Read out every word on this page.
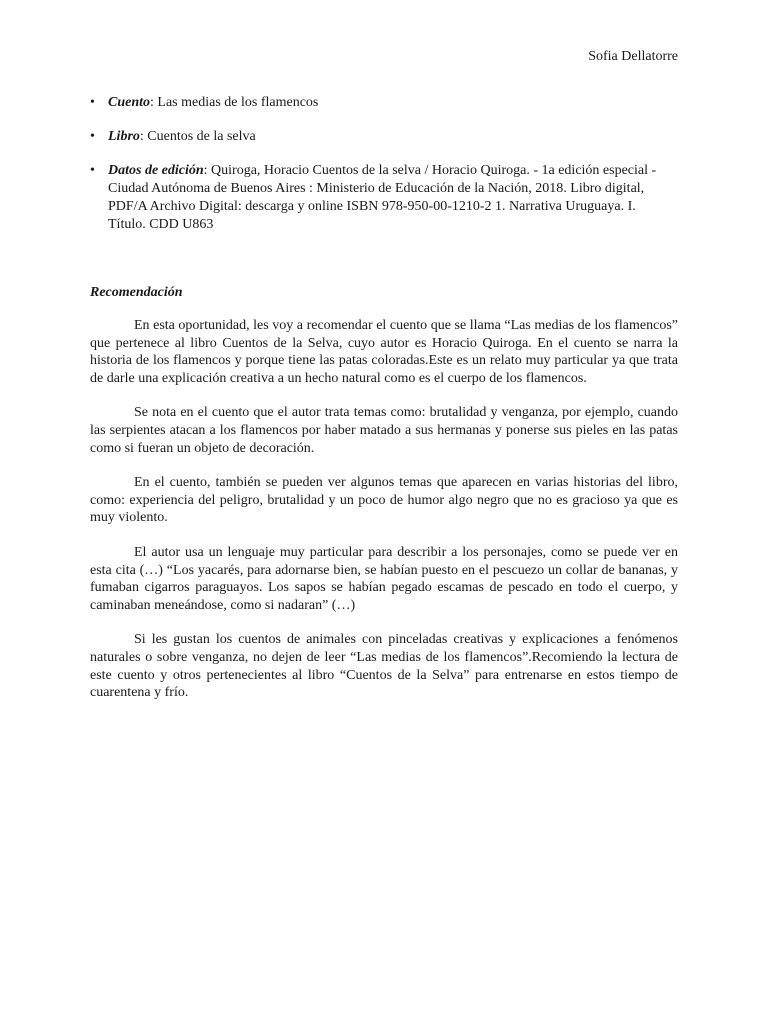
Sofia Dellatorre
• Cuento: Las medias de los flamencos
• Libro: Cuentos de la selva
• Datos de edición: Quiroga, Horacio Cuentos de la selva / Horacio Quiroga. - 1a edición especial - Ciudad Autónoma de Buenos Aires : Ministerio de Educación de la Nación, 2018. Libro digital, PDF/A Archivo Digital: descarga y online ISBN 978-950-00-1210-2 1. Narrativa Uruguaya. I. Título. CDD U863
Recomendación

En esta oportunidad, les voy a recomendar el cuento que se llama “Las medias de los flamencos” que pertenece al libro Cuentos de la Selva, cuyo autor es Horacio Quiroga. En el cuento se narra la historia de los flamencos y porque tiene las patas coloradas.Este es un relato muy particular ya que trata de darle una explicación creativa a un hecho natural como es el cuerpo de los flamencos.

Se nota en el cuento que el autor trata temas como: brutalidad y venganza, por ejemplo, cuando las serpientes atacan a los flamencos por haber matado a sus hermanas y ponerse sus pieles en las patas como si fueran un objeto de decoración.

En el cuento, también se pueden ver algunos temas que aparecen en varias historias del libro, como: experiencia del peligro, brutalidad y un poco de humor algo negro que no es gracioso ya que es muy violento.

El autor usa un lenguaje muy particular para describir a los personajes, como se puede ver en esta cita (…) “Los yacarés, para adornarse bien, se habían puesto en el pescuezo un collar de bananas, y fumaban cigarros paraguayos. Los sapos se habían pegado escamas de pescado en todo el cuerpo, y caminaban meneándose, como si nadaran” (…)

Si les gustan los cuentos de animales con pinceladas creativas y explicaciones a fenómenos naturales o sobre venganza, no dejen de leer “Las medias de los flamencos”.Recomiendo la lectura de este cuento y otros pertenecientes al libro “Cuentos de la Selva” para entrenarse en estos tiempo de cuarentena y frío.
